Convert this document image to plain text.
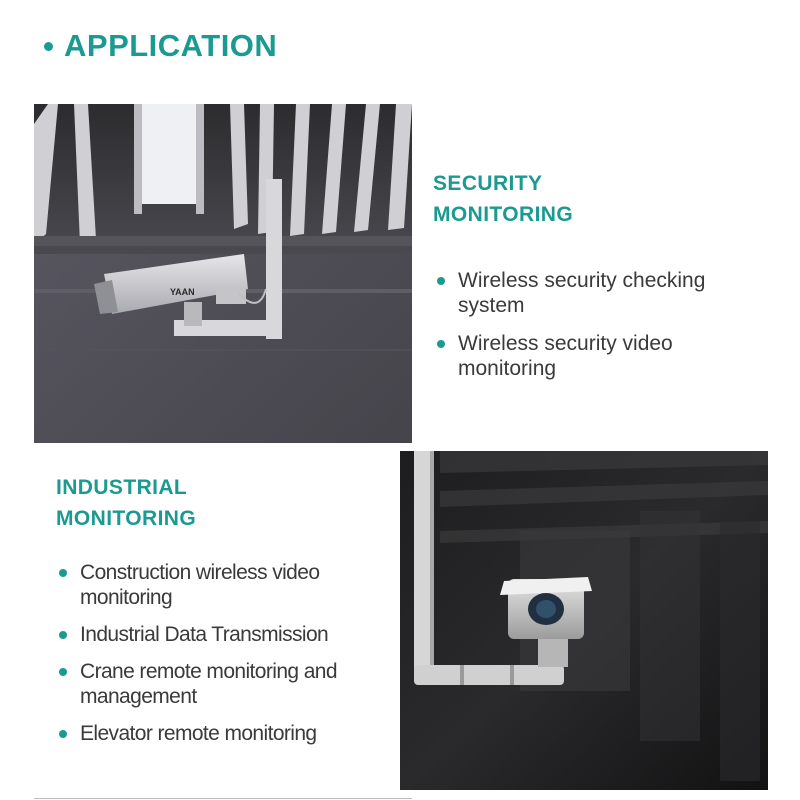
APPLICATION
YAAN
SECURITY
MONITORING
Wireless security checking system
Wireless security video monitoring
INDUSTRIAL
MONITORING
Construction wireless video monitoring
Industrial Data Transmission
Crane remote monitoring and management
Elevator remote monitoring
